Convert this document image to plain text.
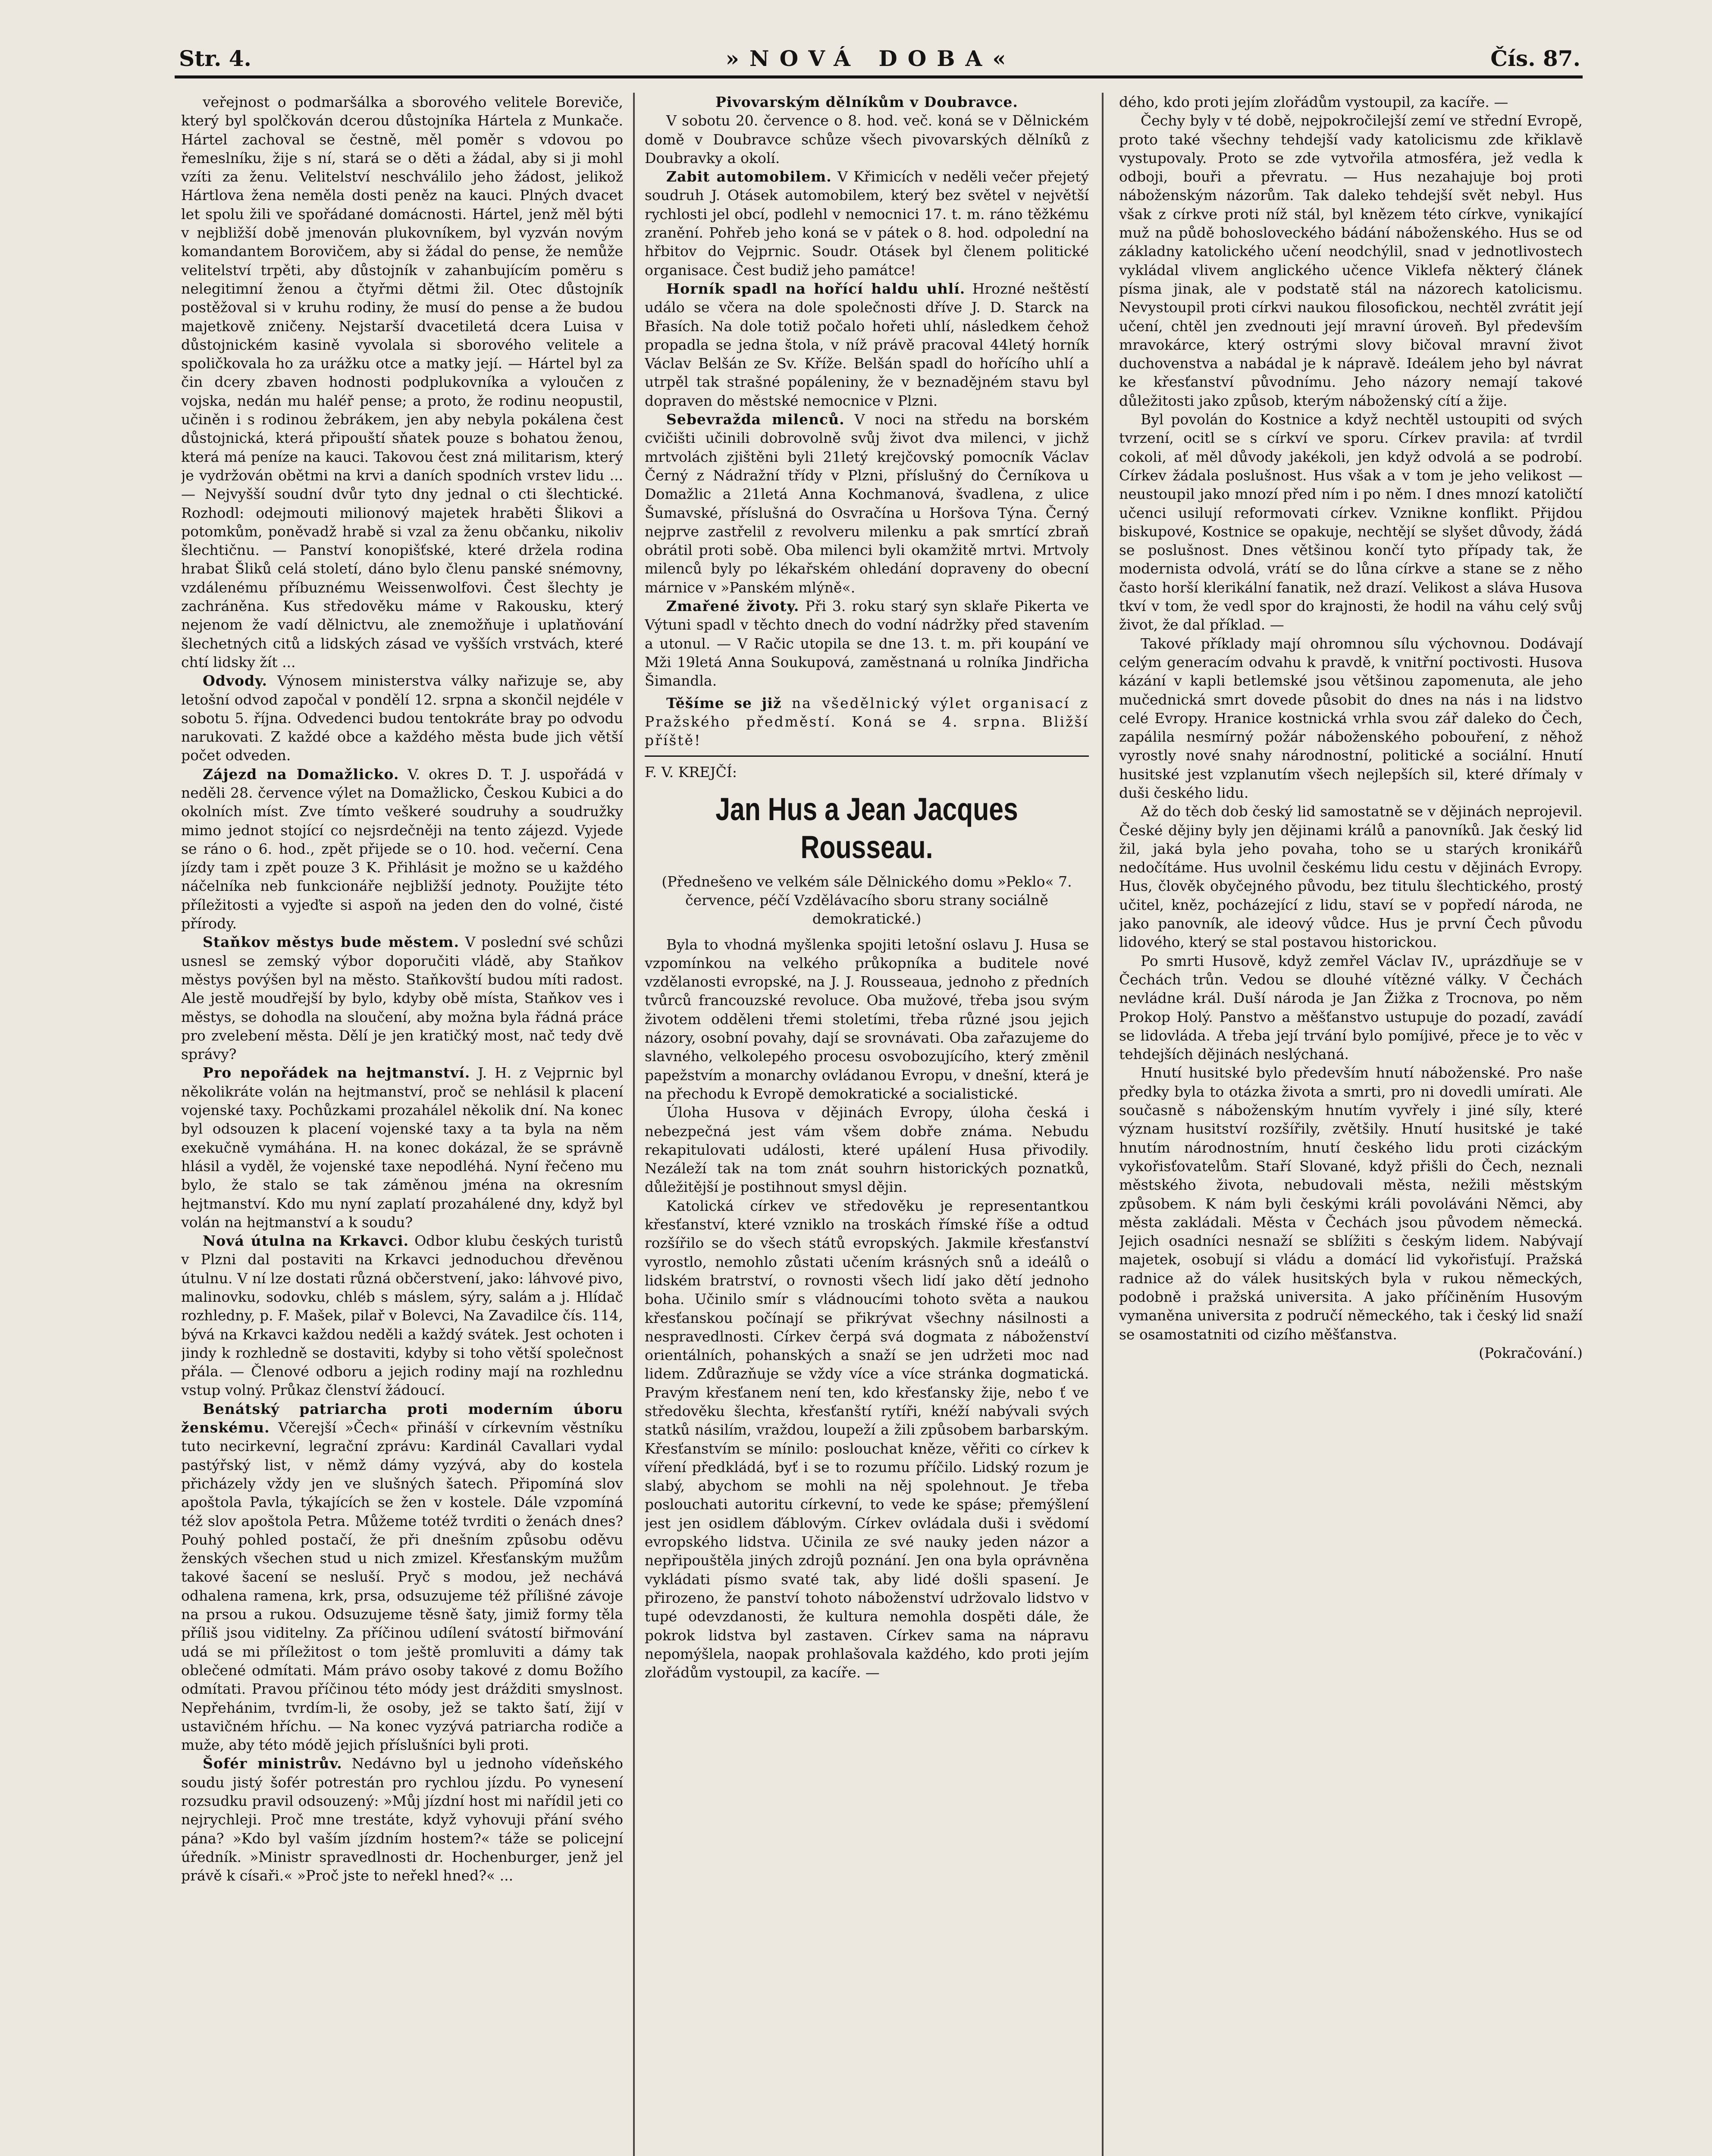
Str. 4.	»NOVÁ DOBA«	Čís. 87.

veřejnost o podmaršálka a sborového velitele Boreviče, který byl spolčkován dcerou důstojníka Hártela z Munkače. Hártel zachoval se čestně, měl poměr s vdovou po řemeslníku, žije s ní, stará se o děti a žádal, aby si ji mohl vzíti za ženu. Velitelství neschválilo jeho žádost, jelikož Hártlova žena neměla dosti peněz na kauci. Plných dvacet let spolu žili ve spořádané domácnosti. Hártel, jenž měl býti v nejbližší době jmenován plukovníkem, byl vyzván novým komandantem Borovičem, aby si žádal do pense, že nemůže velitelství trpěti, aby důstojník v zahanbujícím poměru s nelegitimní ženou a čtyřmi dětmi žil. Otec důstojník postěžoval si v kruhu rodiny, že musí do pense a že budou majetkově zničeny. Nejstarší dvacetiletá dcera Luisa v důstojnickém kasině vyvolala si sborového velitele a spoličkovala ho za urážku otce a matky její. — Hártel byl za čin dcery zbaven hodnosti podplukovníka a vyloučen z vojska, nedán mu haléř pense; a proto, že rodinu neopustil, učiněn i s rodinou žebrákem, jen aby nebyla pokálena čest důstojnická, která připouští sňatek pouze s bohatou ženou, která má peníze na kauci. Takovou čest zná militarism, který je vydržován obětmi na krvi a daních spodních vrstev lidu ... — Nejvyšší soudní dvůr tyto dny jednal o cti šlechtické. Rozhodl: odejmouti milionový majetek hraběti Šlikovi a potomkům, poněvadž hrabě si vzal za ženu občanku, nikoliv šlechtičnu. — Panství konopišťské, které držela rodina hrabat Šliků celá století, dáno bylo členu panské snémovny, vzdálenému příbuznému Weissenwolfovi. Čest šlechty je zachráněna. Kus středověku máme v Rakousku, který nejenom že vadí dělnictvu, ale znemožňuje i uplatňování šlechetných citů a lidských zásad ve vyšších vrstvách, které chtí lidsky žít ...

Odvody. Výnosem ministerstva války nařizuje se, aby letošní odvod započal v pondělí 12. srpna a skončil nejdéle v sobotu 5. října. Odvedenci budou tentokráte bray po odvodu narukovati. Z každé obce a každého města bude jich větší počet odveden.

Zájezd na Domažlicko. V. okres D. T. J. uspořádá v neděli 28. července výlet na Domažlicko, Českou Kubici a do okolních míst. Zve tímto veškeré soudruhy a soudružky mimo jednot stojící co nejsrdečněji na tento zájezd. Vyjede se ráno o 6. hod., zpět přijede se o 10. hod. večerní. Cena jízdy tam i zpět pouze 3 K. Přihlásit je možno se u každého náčelníka neb funkcionáře nejbližší jednoty. Použijte této příležitosti a vyjeďte si aspoň na jeden den do volné, čisté přírody.

Staňkov městys bude městem. V poslední své schůzi usnesl se zemský výbor doporučiti vládě, aby Staňkov městys povýšen byl na město. Staňkovští budou míti radost. Ale jestě moudřejší by bylo, kdyby obě místa, Staňkov ves i městys, se dohodla na sloučení, aby možna byla řádná práce pro zvelebení města. Dělí je jen kratičký most, nač tedy dvě správy?

Pro nepořádek na hejtmanství. J. H. z Vejprnic byl několikráte volán na hejtmanství, proč se nehlásil k placení vojenské taxy. Pochůzkami prozahálel několik dní. Na konec byl odsouzen k placení vojenské taxy a ta byla na něm exekučně vymáhána. H. na konec dokázal, že se správně hlásil a vyděl, že vojenské taxe nepodléhá. Nyní řečeno mu bylo, že stalo se tak záměnou jména na okresním hejtmanství. Kdo mu nyní zaplatí prozahálené dny, když byl volán na hejtmanství a k soudu?

Nová útulna na Krkavci. Odbor klubu českých turistů v Plzni dal postaviti na Krkavci jednoduchou dřevěnou útulnu. V ní lze dostati různá občerstvení, jako: láhvové pivo, malinovku, sodovku, chléb s máslem, sýry, salám a j. Hlídač rozhledny, p. F. Mašek, pilař v Bolevci, Na Zavadilce čís. 114, bývá na Krkavci každou neděli a každý svátek. Jest ochoten i jindy k rozhledně se dostaviti, kdyby si toho větší společnost přála. — Členové odboru a jejich rodiny mají na rozhlednu vstup volný. Průkaz členství žádoucí.

Benátský patriarcha proti moderním úboru ženskému. Včerejší »Čech« přináší v církevním věstníku tuto necirkevní, legrační zprávu: Kardinál Cavallari vydal pastýřský list, v němž dámy vyzývá, aby do kostela přicházely vždy jen ve slušných šatech. Připomíná slov apoštola Pavla, týkajících se žen v kostele. Dále vzpomíná též slov apoštola Petra. Můžeme totéž tvrditi o ženách dnes? Pouhý pohled postačí, že při dnešním způsobu oděvu ženských všechen stud u nich zmizel. Křesťanským mužům takové šacení se nesluší. Pryč s modou, jež nechává odhalena ramena, krk, prsa, odsuzujeme též přílišné závoje na prsou a rukou. Odsuzujeme těsně šaty, jimiž formy těla příliš jsou viditelny. Za příčinou udílení svátostí biřmování udá se mi příležitost o tom ještě promluviti a dámy tak oblečené odmítati. Mám právo osoby takové z domu Božího odmítati. Pravou příčinou této módy jest drážditi smyslnost. Nepřehánim, tvrdím-li, že osoby, jež se takto šatí, žijí v ustavičném hříchu. — Na konec vyzývá patriarcha rodiče a muže, aby této módě jejich příslušníci byli proti.

Šofér ministrův. Nedávno byl u jednoho vídeňského soudu jistý šofér potrestán pro rychlou jízdu. Po vynesení rozsudku pravil odsouzený: »Můj jízdní host mi nařídil jeti co nejrychleji. Proč mne trestáte, když vyhovuji přání svého pána? »Kdo byl vaším jízdním hostem?« táže se policejní úředník. »Ministr spravedlnosti dr. Hochenburger, jenž jel právě k císaři.« »Proč jste to neřekl hned?« ...

Pivovarským dělníkům v Doubravce.

V sobotu 20. července o 8. hod. več. koná se v Dělnickém domě v Doubravce schůze všech pivovarských dělníků z Doubravky a okolí.

Zabit automobilem. V Křimicích v neděli večer přejetý soudruh J. Otásek automobilem, který bez světel v největší rychlosti jel obcí, podlehl v nemocnici 17. t. m. ráno těžkému zranění. Pohřeb jeho koná se v pátek o 8. hod. odpolední na hřbitov do Vejprnic. Soudr. Otásek byl členem politické organisace. Čest budiž jeho památce!

Horník spadl na hořící haldu uhlí. Hrozné neštěstí událo se včera na dole společnosti dříve J. D. Starck na Břasích. Na dole totiž počalo hořeti uhlí, následkem čehož propadla se jedna štola, v níž právě pracoval 44letý horník Václav Belšán ze Sv. Kříže. Belšán spadl do hořícího uhlí a utrpěl tak strašné popáleniny, že v beznadějném stavu byl dopraven do městské nemocnice v Plzni.

Sebevražda milenců. V noci na středu na borském cvičišti učinili dobrovolně svůj život dva milenci, v jichž mrtvolách zjištěni byli 21letý krejčovský pomocník Václav Černý z Nádražní třídy v Plzni, příslušný do Černíkova u Domažlic a 21letá Anna Kochmanová, švadlena, z ulice Šumavské, příslušná do Osvračína u Horšova Týna. Černý nejprve zastřelil z revolveru milenku a pak smrtící zbraň obrátil proti sobě. Oba milenci byli okamžitě mrtvi. Mrtvoly milenců byly po lékařském ohledání dopraveny do obecní márnice v »Panském mlýně«.

Zmařené životy. Při 3. roku starý syn sklaře Pikerta ve Výtuni spadl v těchto dnech do vodní nádržky před stavením a utonul. — V Račic utopila se dne 13. t. m. při koupání ve Mži 19letá Anna Soukupová, zaměstnaná u rolníka Jindřicha Šimandla.

Těšíme se již na všedělnický výlet organisací z Pražského předměstí. Koná se 4. srpna. Bližší příště!

F. V. KREJČÍ:

Jan Hus a Jean Jacques Rousseau.

(Přednešeno ve velkém sále Dělnického domu »Peklo« 7. července, péčí Vzdělávacího sboru strany sociálně demokratické.)

Byla to vhodná myšlenka spojiti letošní oslavu J. Husa se vzpomínkou na velkého průkopníka a buditele nové vzdělanosti evropské, na J. J. Rousseaua, jednoho z předních tvůrců francouzské revoluce. Oba mužové, třeba jsou svým životem odděleni třemi stoletími, třeba různé jsou jejich názory, osobní povahy, dají se srovnávati. Oba zařazujeme do slavného, velkolepého procesu osvobozujícího, který změnil papežstvím a monarchy ovládanou Evropu, v dnešní, která je na přechodu k Evropě demokratické a socialistické.

Úloha Husova v dějinách Evropy, úloha česká i nebezpečná jest vám všem dobře známa. Nebudu rekapitulovati události, které upálení Husa přivodily. Nezáleží tak na tom znát souhrn historických poznatků, důležitější je postihnout smysl dějin.

Katolická církev ve středověku je representantkou křesťanství, které vzniklo na troskách římské říše a odtud rozšířilo se do všech států evropských. Jakmile křesťanství vyrostlo, nemohlo zůstati učením krásných snů a ideálů o lidském bratrství, o rovnosti všech lidí jako dětí jednoho boha. Učinilo smír s vládnoucími tohoto světa a naukou křesťanskou počínají se přikrývat všechny násilnosti a nespravedlnosti. Církev čerpá svá dogmata z náboženství orientálních, pohanských a snaží se jen udržeti moc nad lidem. Zdůrazňuje se vždy více a více stránka dogmatická. Pravým křesťanem není ten, kdo křesťansky žije, nebo ť ve středověku šlechta, křesťanští rytíři, knéží nabývali svých statků násilím, vraždou, loupeží a žili způsobem barbarským. Křesťanstvím se mínilo: poslouchat kněze, věřiti co církev k víření předkládá, byť i se to rozumu příčilo. Lidský rozum je slabý, abychom se mohli na něj spolehnout. Je třeba poslouchati autoritu církevní, to vede ke spáse; přemýšlení jest jen osidlem ďáblovým. Církev ovládala duši i svědomí evropského lidstva. Učinila ze své nauky jeden názor a nepřipouštěla jiných zdrojů poznání. Jen ona byla oprávněna vykládati písmo svaté tak, aby lidé došli spasení. Je přirozeno, že panství tohoto náboženství udržovalo lidstvo v tupé odevzdanosti, že kultura nemohla dospěti dále, že pokrok lidstva byl zastaven. Církev sama na nápravu nepomýšlela, naopak prohlašovala každého, kdo proti jejím zlořádům vystoupil, za kacíře. —

dého, kdo proti jejím zlořádům vystoupil, za kacíře. —

Čechy byly v té době, nejpokročilejší zemí ve střední Evropě, proto také všechny tehdejší vady katolicismu zde křiklavě vystupovaly. Proto se zde vytvořila atmosféra, jež vedla k odboji, bouři a převratu. — Hus nezahajuje boj proti náboženským názorům. Tak daleko tehdejší svět nebyl. Hus však z církve proti níž stál, byl knězem této církve, vynikající muž na půdě bohosloveckého bádání náboženského. Hus se od základny katolického učení neodchýlil, snad v jednotlivostech vykládal vlivem anglického učence Viklefa některý článek písma jinak, ale v podstatě stál na názorech katolicismu. Nevystoupil proti církvi naukou filosofickou, nechtěl zvrátit její učení, chtěl jen zvednouti její mravní úroveň. Byl především mravokárce, který ostrými slovy bičoval mravní život duchovenstva a nabádal je k nápravě. Ideálem jeho byl návrat ke křesťanství původnímu. Jeho názory nemají takové důležitosti jako způsob, kterým náboženský cítí a žije.

Byl povolán do Kostnice a když nechtěl ustoupiti od svých tvrzení, ocitl se s církví ve sporu. Církev pravila: ať tvrdil cokoli, ať měl důvody jakékoli, jen když odvolá a se podrobí. Církev žádala poslušnost. Hus však a v tom je jeho velikost — neustoupil jako mnozí před ním i po něm. I dnes mnozí katoličtí učenci usilují reformovati církev. Vznikne konflikt. Přijdou biskupové, Kostnice se opakuje, nechtějí se slyšet důvody, žádá se poslušnost. Dnes většinou končí tyto případy tak, že modernista odvolá, vrátí se do lůna církve a stane se z něho často horší klerikální fanatik, než drazí. Velikost a sláva Husova tkví v tom, že vedl spor do krajnosti, že hodil na váhu celý svůj život, že dal příklad. —

Takové příklady mají ohromnou sílu výchovnou. Dodávají celým generacím odvahu k pravdě, k vnitřní poctivosti. Husova kázání v kapli betlemské jsou většinou zapomenuta, ale jeho mučednická smrt dovede působit do dnes na nás i na lidstvo celé Evropy. Hranice kostnická vrhla svou zář daleko do Čech, zapálila nesmírný požár náboženského pobouření, z něhož vyrostly nové snahy národnostní, politické a sociální. Hnutí husitské jest vzplanutím všech nejlepších sil, které dřímaly v duši českého lidu.

Až do těch dob český lid samostatně se v dějinách neprojevil. České dějiny byly jen dějinami králů a panovníků. Jak český lid žil, jaká byla jeho povaha, toho se u starých kronikářů nedočítáme. Hus uvolnil českému lidu cestu v dějinách Evropy. Hus, člověk obyčejného původu, bez titulu šlechtického, prostý učitel, kněz, pocházející z lidu, staví se v popředí národa, ne jako panovník, ale ideový vůdce. Hus je první Čech původu lidového, který se stal postavou historickou.

Po smrti Husově, když zemřel Václav IV., uprázdňuje se v Čechách trůn. Vedou se dlouhé vítězné války. V Čechách nevládne král. Duší národa je Jan Žižka z Trocnova, po něm Prokop Holý. Panstvo a měšťanstvo ustupuje do pozadí, zavádí se lidovláda. A třeba její trvání bylo pomíjivé, přece je to věc v tehdejších dějinách neslýchaná.

Hnutí husitské bylo především hnutí náboženské. Pro naše předky byla to otázka života a smrti, pro ni dovedli umírati. Ale současně s náboženským hnutím vyvřely i jiné síly, které význam husitství rozšířily, zvětšily. Hnutí husitské je také hnutím národnostním, hnutí českého lidu proti cizáckým vykořisťovatelům. Staří Slované, když přišli do Čech, neznali městského života, nebudovali města, nežili městským způsobem. K nám byli českými králi povoláváni Němci, aby města zakládali. Města v Čechách jsou původem německá. Jejich osadníci nesnaží se sblížiti s českým lidem. Nabývají majetek, osobují si vládu a domácí lid vykořisťují. Pražská radnice až do válek husitských byla v rukou německých, podobně i pražská universita. A jako příčiněním Husovým vymaněna universita z područí německého, tak i český lid snaží se osamostatniti od cizího měšťanstva.

(Pokračování.)
